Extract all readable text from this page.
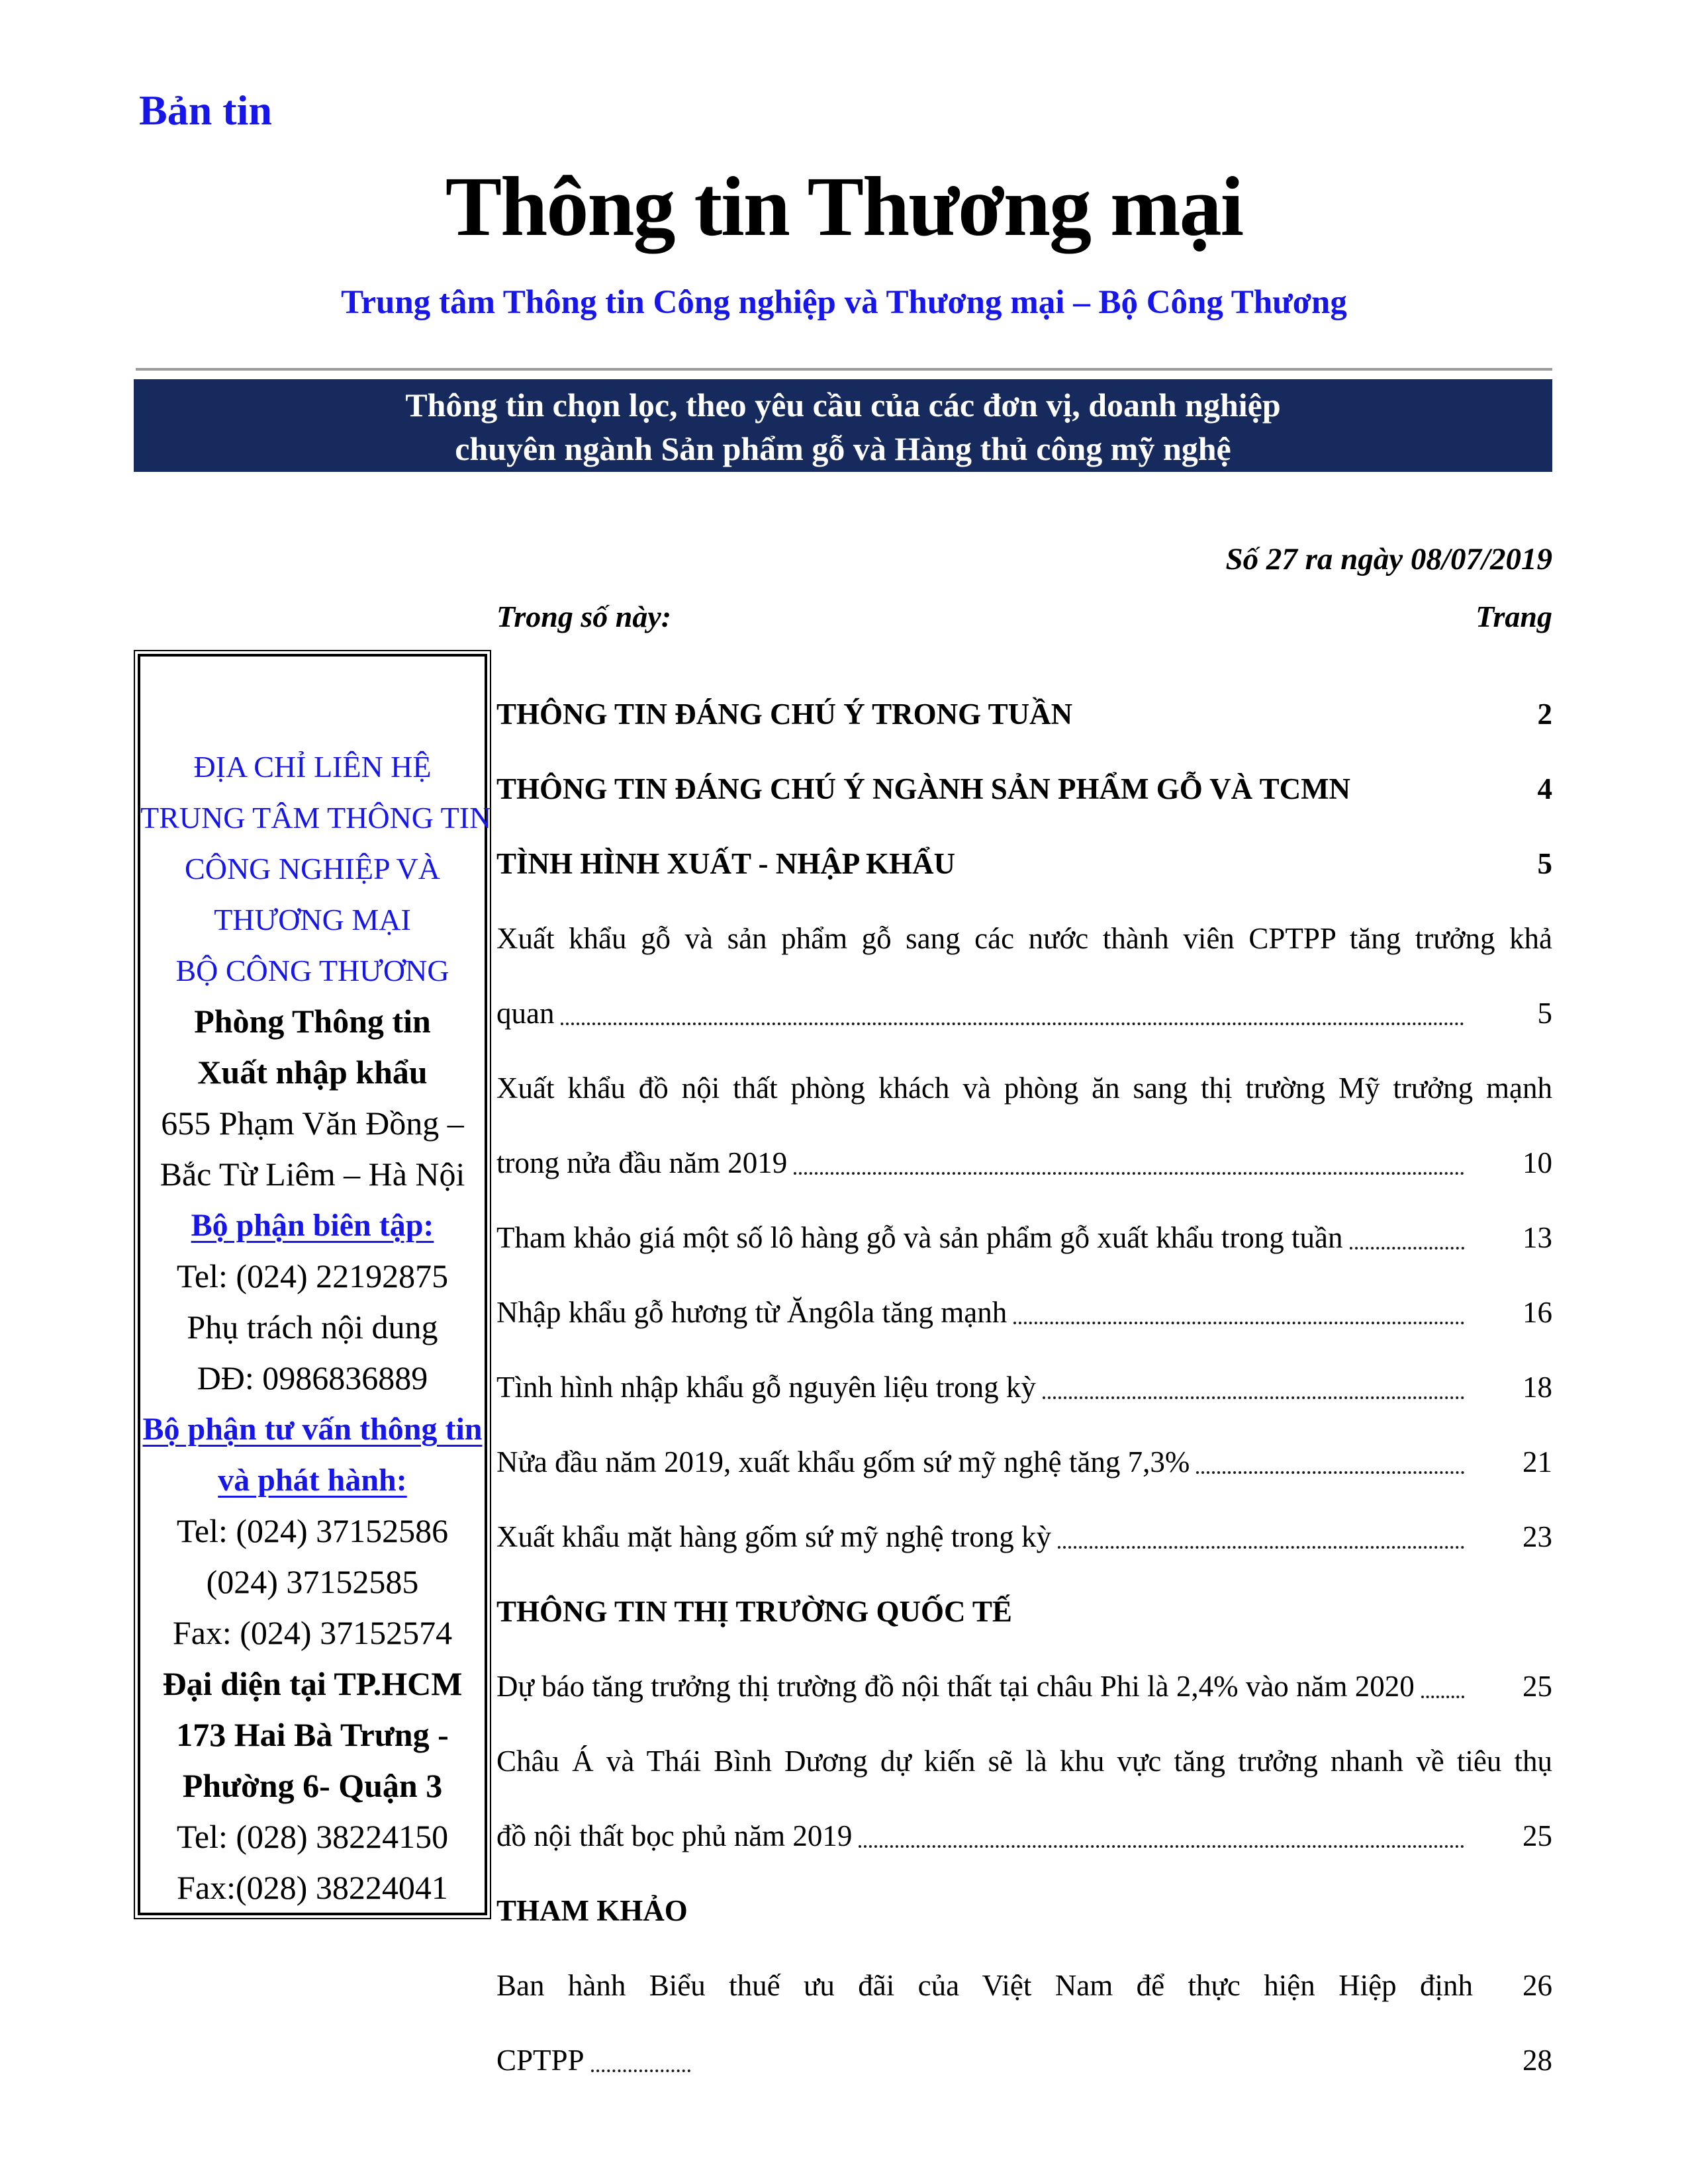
Bản tin
Thông tin Thương mại
Trung tâm Thông tin Công nghiệp và Thương mại – Bộ Công Thương
Thông tin chọn lọc, theo yêu cầu của các đơn vị, doanh nghiệp
chuyên ngành Sản phẩm gỗ và Hàng thủ công mỹ nghệ
Số 27 ra ngày 08/07/2019
Trong số này:	Trang
ĐỊA CHỈ LIÊN HỆ
TRUNG TÂM THÔNG TIN
CÔNG NGHIỆP VÀ
THƯƠNG MẠI
BỘ CÔNG THƯƠNG
Phòng Thông tin
Xuất nhập khẩu
655 Phạm Văn Đồng –
Bắc Từ Liêm – Hà Nội
Bộ phận biên tập:
Tel: (024) 22192875
Phụ trách nội dung
DĐ: 0986836889
Bộ phận tư vấn thông tin
và phát hành:
Tel: (024) 37152586
(024) 37152585
Fax: (024) 37152574
Đại diện tại TP.HCM
173 Hai Bà Trưng -
Phường 6- Quận 3
Tel: (028) 38224150
Fax:(028) 38224041
THÔNG TIN ĐÁNG CHÚ Ý TRONG TUẦN	2
THÔNG TIN ĐÁNG CHÚ Ý NGÀNH SẢN PHẨM GỖ VÀ TCMN	4
TÌNH HÌNH XUẤT - NHẬP KHẨU	5
Xuất khẩu gỗ và sản phẩm gỗ sang các nước thành viên CPTPP tăng trưởng khả
quan	5
Xuất khẩu đồ nội thất phòng khách và phòng ăn sang thị trường Mỹ trưởng mạnh
trong nửa đầu năm 2019	10
Tham khảo giá một số lô hàng gỗ và sản phẩm gỗ xuất khẩu trong tuần	13
Nhập khẩu gỗ hương từ Ăngôla tăng mạnh	16
Tình hình nhập khẩu gỗ nguyên liệu trong kỳ	18
Nửa đầu năm 2019, xuất khẩu gốm sứ mỹ nghệ tăng 7,3%	21
Xuất khẩu mặt hàng gốm sứ mỹ nghệ trong kỳ	23
THÔNG TIN THỊ TRƯỜNG QUỐC TẾ
Dự báo tăng trưởng thị trường đồ nội thất tại châu Phi là 2,4% vào năm 2020	25
Châu Á và Thái Bình Dương dự kiến sẽ là khu vực tăng trưởng nhanh về tiêu thụ
đồ nội thất bọc phủ năm 2019	25
THAM KHẢO
Ban hành Biểu thuế ưu đãi của Việt Nam để thực hiện Hiệp định	26
CPTPP	28
